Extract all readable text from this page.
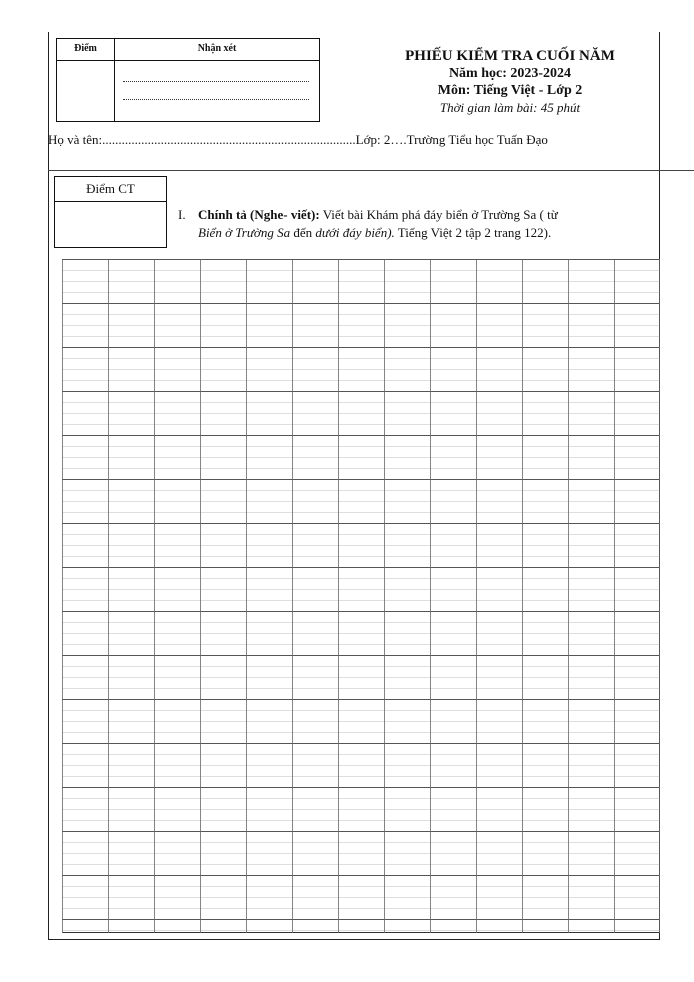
Điểm	Nhận xét	PHIẾU KIỂM TRA CUỐI NĂM
Năm học: 2023-2024
Môn: Tiếng Việt - Lớp 2
Thời gian làm bài: 45 phút
Họ và tên:..............................................................................Lớp: 2….Trường Tiểu học Tuấn Đạo
Điểm CT
I. Chính tả (Nghe- viết): Viết bài Khám phá đáy biển ở Trường Sa ( từ
Biển ở Trường Sa đến dưới đáy biển). Tiếng Việt 2 tập 2 trang 122).
